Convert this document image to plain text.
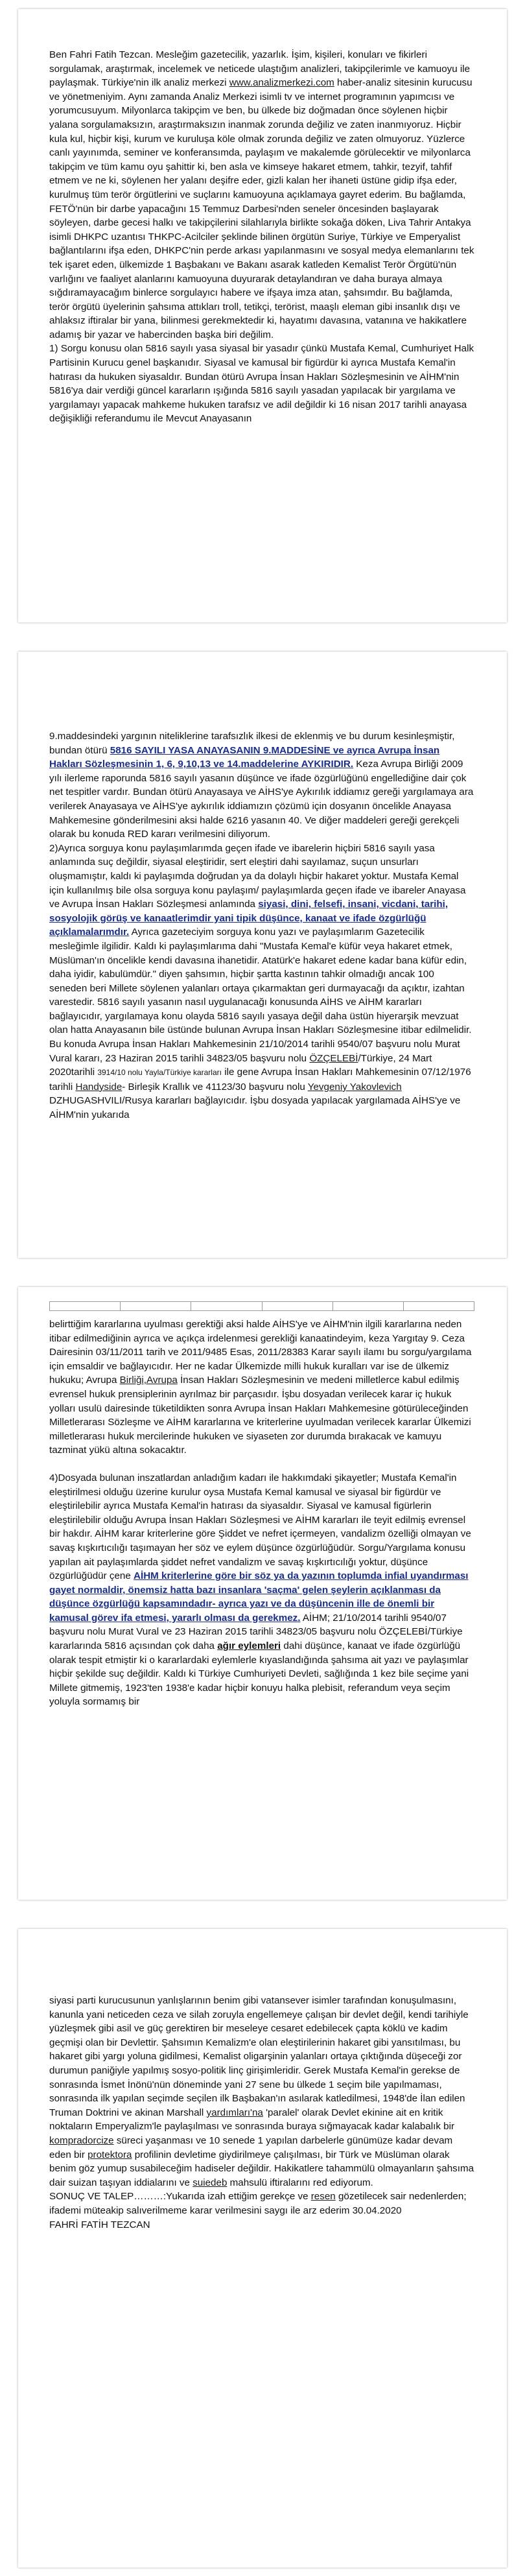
Ben Fahri Fatih Tezcan. Mesleğim gazetecilik, yazarlık. İşim, kişileri, konuları ve fikirleri sorgulamak, araştırmak, incelemek ve neticede ulaştığım analizleri, takipçilerimle ve kamuoyu ile paylaşmak. Türkiye'nin ilk analiz merkezi www.analizmerkezi.com haber-analiz sitesinin kurucusu ve yönetmeniyim. Aynı zamanda Analiz Merkezi isimli tv ve internet programının yapımcısı ve yorumcusuyum. Milyonlarca takipçim ve ben, bu ülkede biz doğmadan önce söylenen hiçbir yalana sorgulamaksızın, araştırmaksızın inanmak zorunda değiliz ve zaten inanmıyoruz. Hiçbir kula kul, hiçbir kişi, kurum ve kuruluşa köle olmak zorunda değiliz ve zaten olmuyoruz. Yüzlerce canlı yayınımda, seminer ve konferansımda, paylaşım ve makalemde görülecektir ve milyonlarca takipçim ve tüm kamu oyu şahittir ki, ben asla ve kimseye hakaret etmem, tahkir, tezyif, tahfif etmem ve ne ki, söylenen her yalanı deşifre eder, gizli kalan her ihaneti üstüne gidip ifşa eder, kurulmuş tüm terör örgütlerini ve suçlarını kamuoyuna açıklamaya gayret ederim. Bu bağlamda, FETÖ'nün bir darbe yapacağını 15 Temmuz Darbesi'nden seneler öncesinden başlayarak söyleyen, darbe gecesi halkı ve takipçilerini silahlarıyla birlikte sokağa döken, Liva Tahrir Antakya isimli DHKPC uzantısı THKPC-Acilciler şeklinde bilinen örgütün Suriye, Türkiye ve Emperyalist bağlantılarını ifşa eden, DHKPC'nin perde arkası yapılanmasını ve sosyal medya elemanlarını tek tek işaret eden, ülkemizde 1 Başbakanı ve Bakanı asarak katleden Kemalist Terör Örgütü'nün varlığını ve faaliyet alanlarını kamuoyuna duyurarak detaylandıran ve daha buraya almaya sığdıramayacağım binlerce sorgulayıcı habere ve ifşaya imza atan, şahsımdır. Bu bağlamda, terör örgütü üyelerinin şahsıma attıkları troll, tetikçi, terörist, maaşlı eleman gibi insanlık dışı ve ahlaksız iftiralar bir yana, bilinmesi gerekmektedir ki, hayatımı davasına, vatanına ve hakikatlere adamış bir yazar ve habercinden başka biri değilim.

1) Sorgu konusu olan 5816 sayılı yasa siyasal bir yasadır çünkü Mustafa Kemal, Cumhuriyet Halk Partisinin Kurucu genel başkanıdır. Siyasal ve kamusal bir figürdür ki ayrıca Mustafa Kemal'in hatırası da hukuken siyasaldır. Bundan ötürü Avrupa İnsan Hakları Sözleşmesinin ve AİHM'nin 5816'ya dair verdiği güncel kararların ışığında 5816 sayılı yasadan yapılacak bir yargılama ve yargılamayı yapacak mahkeme hukuken tarafsız ve adil değildir ki 16 nisan 2017 tarihli anayasa değişikliği referandumu ile Mevcut Anayasanın

9.maddesindeki yargının niteliklerine tarafsızlık ilkesi de eklenmiş ve bu durum kesinleşmiştir, bundan ötürü 5816 SAYILI YASA ANAYASANIN 9.MADDESİNE ve ayrıca Avrupa İnsan Hakları Sözleşmesinin 1, 6, 9,10,13 ve 14.maddelerine AYKIRIDIR. Keza Avrupa Birliği 2009 yılı ilerleme raporunda 5816 sayılı yasanın düşünce ve ifade özgürlüğünü engellediğine dair çok net tespitler vardır. Bundan ötürü Anayasaya ve AİHS'ye Aykırılık iddiamız gereği yargılamaya ara verilerek Anayasaya ve AİHS'ye aykırılık iddiamızın çözümü için dosyanın öncelikle Anayasa Mahkemesine gönderilmesini aksi halde 6216 yasanın 40. Ve diğer maddeleri gereği gerekçeli olarak bu konuda RED kararı verilmesini diliyorum.

2)Ayrıca sorguya konu paylaşımlarımda geçen ifade ve ibarelerin hiçbiri 5816 sayılı yasa anlamında suç değildir, siyasal eleştiridir, sert eleştiri dahi sayılamaz, suçun unsurları oluşmamıştır, kaldı ki paylaşımda doğrudan ya da dolaylı hiçbir hakaret yoktur. Mustafa Kemal için kullanılmış bile olsa sorguya konu paylaşım/ paylaşımlarda geçen ifade ve ibareler Anayasa ve Avrupa İnsan Hakları Sözleşmesi anlamında siyasi, dini, felsefi, insani, vicdani, tarihi, sosyolojik görüş ve kanaatlerimdir yani tipik düşünce, kanaat ve ifade özgürlüğü açıklamalarımdır. Ayrıca gazeteciyim sorguya konu yazı ve paylaşımlarım Gazetecilik mesleğimle ilgilidir. Kaldı ki paylaşımlarıma dahi "Mustafa Kemal'e küfür veya hakaret etmek, Müslüman'ın öncelikle kendi davasına ihanetidir. Atatürk'e hakaret edene kadar bana küfür edin, daha iyidir, kabulümdür." diyen şahsımın, hiçbir şartta kastının tahkir olmadığı ancak 100 seneden beri Millete söylenen yalanları ortaya çıkarmaktan geri durmayacağı da açıktır, izahtan varestedir. 5816 sayılı yasanın nasıl uygulanacağı konusunda AİHS ve AİHM kararları bağlayıcıdır, yargılamaya konu olayda 5816 sayılı yasaya değil daha üstün hiyerarşik mevzuat olan hatta Anayasanın bile üstünde bulunan Avrupa İnsan Hakları Sözleşmesine itibar edilmelidir. Bu konuda Avrupa İnsan Hakları Mahkemesinin 21/10/2014 tarihli 9540/07 başvuru nolu Murat Vural kararı, 23 Haziran 2015 tarihli 34823/05 başvuru nolu ÖZÇELEBİ/Türkiye, 24 Mart 2020tarihli 3914/10 nolu Yayla/Türkiye kararları ile gene Avrupa İnsan Hakları Mahkemesinin 07/12/1976 tarihli Handyside- Birleşik Krallık ve 41123/30 başvuru nolu Yevgeniy Yakovlevich DZHUGASHVILI/Rusya kararları bağlayıcıdır. İşbu dosyada yapılacak yargılamada AİHS'ye ve AİHM'nin yukarıda

belirttiğim kararlarına uyulması gerektiği aksi halde AİHS'ye ve AİHM'nin ilgili kararlarına neden itibar edilmediğinin ayrıca ve açıkça irdelenmesi gerekliği kanaatindeyim, keza Yargıtay 9. Ceza Dairesinin 03/11/2011 tarih ve 2011/9485 Esas, 2011/28383 Karar sayılı ilamı bu sorgu/yargılama için emsaldir ve bağlayıcıdır. Her ne kadar Ülkemizde milli hukuk kuralları var ise de ülkemiz hukuku; Avrupa Birliği,Avrupa İnsan Hakları Sözleşmesinin ve medeni milletlerce kabul edilmiş evrensel hukuk prensiplerinin ayrılmaz bir parçasıdır. İşbu dosyadan verilecek karar iç hukuk yolları usulü dairesinde tüketildikten sonra Avrupa İnsan Hakları Mahkemesine götürüleceğinden Milletlerarası Sözleşme ve AİHM kararlarına ve kriterlerine uyulmadan verilecek kararlar Ülkemizi milletlerarası hukuk mercilerinde hukuken ve siyaseten zor durumda bırakacak ve kamuyu tazminat yükü altına sokacaktır.

4)Dosyada bulunan inszatlardan anladığım kadarı ile hakkımdaki şikayetler; Mustafa Kemal'in eleştirilmesi olduğu üzerine kurulur oysa Mustafa Kemal kamusal ve siyasal bir figürdür ve eleştirilebilir ayrıca Mustafa Kemal'in hatırası da siyasaldır. Siyasal ve kamusal figürlerin eleştirilebilir olduğu Avrupa İnsan Hakları Sözleşmesi ve AİHM kararları ile teyit edilmiş evrensel bir hakdır. AİHM karar kriterlerine göre Şiddet ve nefret içermeyen, vandalizm özelliği olmayan ve savaş kışkırtıcılığı taşımayan her söz ve eylem düşünce özgürlüğüdür. Sorgu/Yargılama konusu yapılan ait paylaşımlarda şiddet nefret vandalizm ve savaş kışkırtıcılığı yoktur, düşünce özgürlüğüdür çene AİHM kriterlerine göre bir söz ya da yazının toplumda infial uyandırması gayet normaldir, önemsiz hatta bazı insanlara 'saçma' gelen şeylerin açıklanması da düşünce özgürlüğü kapsamındadır- ayrıca yazı ve da düşüncenin ille de önemli bir kamusal görev ifa etmesi, yararlı olması da gerekmez. AİHM; 21/10/2014 tarihli 9540/07 başvuru nolu Murat Vural ve 23 Haziran 2015 tarihli 34823/05 başvuru nolu ÖZÇELEBİ/Türkiye kararlarında 5816 açısından çok daha ağır eylemleri dahi düşünce, kanaat ve ifade özgürlüğü olarak tespit etmiştir ki o kararlardaki eylemlerle kıyaslandığında şahsıma ait yazı ve paylaşımlar hiçbir şekilde suç değildir. Kaldı ki Türkiye Cumhuriyeti Devleti, sağlığında 1 kez bile seçime yani Millete gitmemiş, 1923'ten 1938'e kadar hiçbir konuyu halka plebisit, referandum veya seçim yoluyla sormamış bir

siyasi parti kurucusunun yanlışlarının benim gibi vatansever isimler tarafından konuşulmasını, kanunla yani neticeden ceza ve silah zoruyla engellemeye çalışan bir devlet değil, kendi tarihiyle yüzleşmek gibi asil ve güç gerektiren bir meseleye cesaret edebilecek çapta köklü ve kadim geçmişi olan bir Devlettir. Şahsımın Kemalizm'e olan eleştirilerinin hakaret gibi yansıtılması, bu hakaret gibi yargı yoluna gidilmesi, Kemalist oligarşinin yalanları ortaya çıktığında düşeceği zor durumun paniğiyle yapılmış sosyo-politik linç girişimleridir. Gerek Mustafa Kemal'in gerekse de sonrasında İsmet İnönü'nün döneminde yani 27 sene bu ülkede 1 seçim bile yapılmaması, sonrasında ilk yapılan seçimde seçilen ilk Başbakan'ın asılarak katledilmesi, 1948'de İlan edilen Truman Doktrini ve akinan Marshall yardımları'na 'paralel' olarak Devlet ekinine ait en kritik noktaların Emperyalizm'le paylaşılması ve sonrasında buraya sığmayacak kadar kalabalık bir kompradorcize süreci yaşanması ve 10 senede 1 yapılan darbelerle günümüze kadar devam eden bir protektora profilinin devletime giydirilmeye çalışılması, bir Türk ve Müslüman olarak benim göz yumup susabileceğim hadiseler değildir. Hakikatlere tahammülü olmayanların şahsıma dair suizan taşıyan iddialarını ve suiedeb mahsulü iftiralarını red ediyorum.

SONUÇ VE TALEP………:Yukarıda izah ettiğim gerekçe ve resen gözetilecek sair nedenlerden; ifademi müteakip salıverilmeme karar verilmesini saygı ile arz ederim 30.04.2020

FAHRİ FATİH TEZCAN
